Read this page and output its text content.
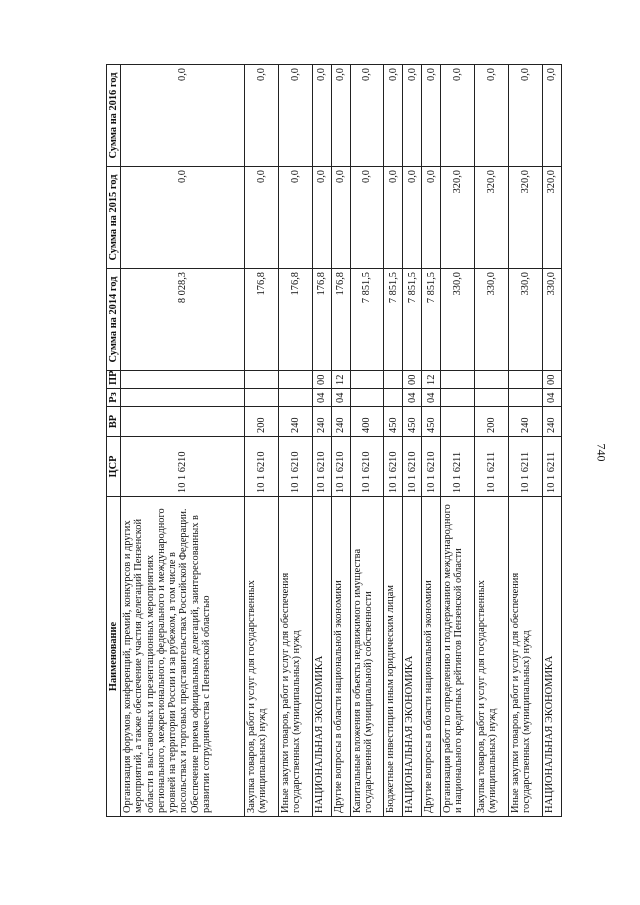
740
Наименование	ЦСР	ВР	Рз	ПР	Сумма на 2014 год	Сумма на 2015 год	Сумма на 2016 год
Организация форумов, конференций, премий, конкурсов и других мероприятий, а также обеспечение участия делегаций Пензенской области в выставочных и презентационных мероприятиях регионального, межрегионального, федерального и международного уровней на территории России и за рубежом, в том числе в посольствах и торговых представительствах Российской Федерации. Обеспечение приема официальных делегаций, заинтересованных в развитии сотрудничества с Пензенской областью	10 1 6210				8 028,3	0,0	0,0
Закупка товаров, работ и услуг для государственных (муниципальных) нужд	10 1 6210	200			176,8	0,0	0,0
Иные закупки товаров, работ и услуг для обеспечения государственных (муниципальных) нужд	10 1 6210	240			176,8	0,0	0,0
НАЦИОНАЛЬНАЯ ЭКОНОМИКА	10 1 6210	240	04	00	176,8	0,0	0,0
Другие вопросы в области национальной экономики	10 1 6210	240	04	12	176,8	0,0	0,0
Капитальные вложения в объекты недвижимого имущества государственной (муниципальной) собственности	10 1 6210	400			7 851,5	0,0	0,0
Бюджетные инвестиции иным юридическим лицам	10 1 6210	450			7 851,5	0,0	0,0
НАЦИОНАЛЬНАЯ ЭКОНОМИКА	10 1 6210	450	04	00	7 851,5	0,0	0,0
Другие вопросы в области национальной экономики	10 1 6210	450	04	12	7 851,5	0,0	0,0
Организация работ по определению и поддержанию международного и национального кредитных рейтингов Пензенской области	10 1 6211				330,0	320,0	0,0
Закупка товаров, работ и услуг для государственных (муниципальных) нужд	10 1 6211	200			330,0	320,0	0,0
Иные закупки товаров, работ и услуг для обеспечения государственных (муниципальных) нужд	10 1 6211	240			330,0	320,0	0,0
НАЦИОНАЛЬНАЯ ЭКОНОМИКА	10 1 6211	240	04	00	330,0	320,0	0,0
